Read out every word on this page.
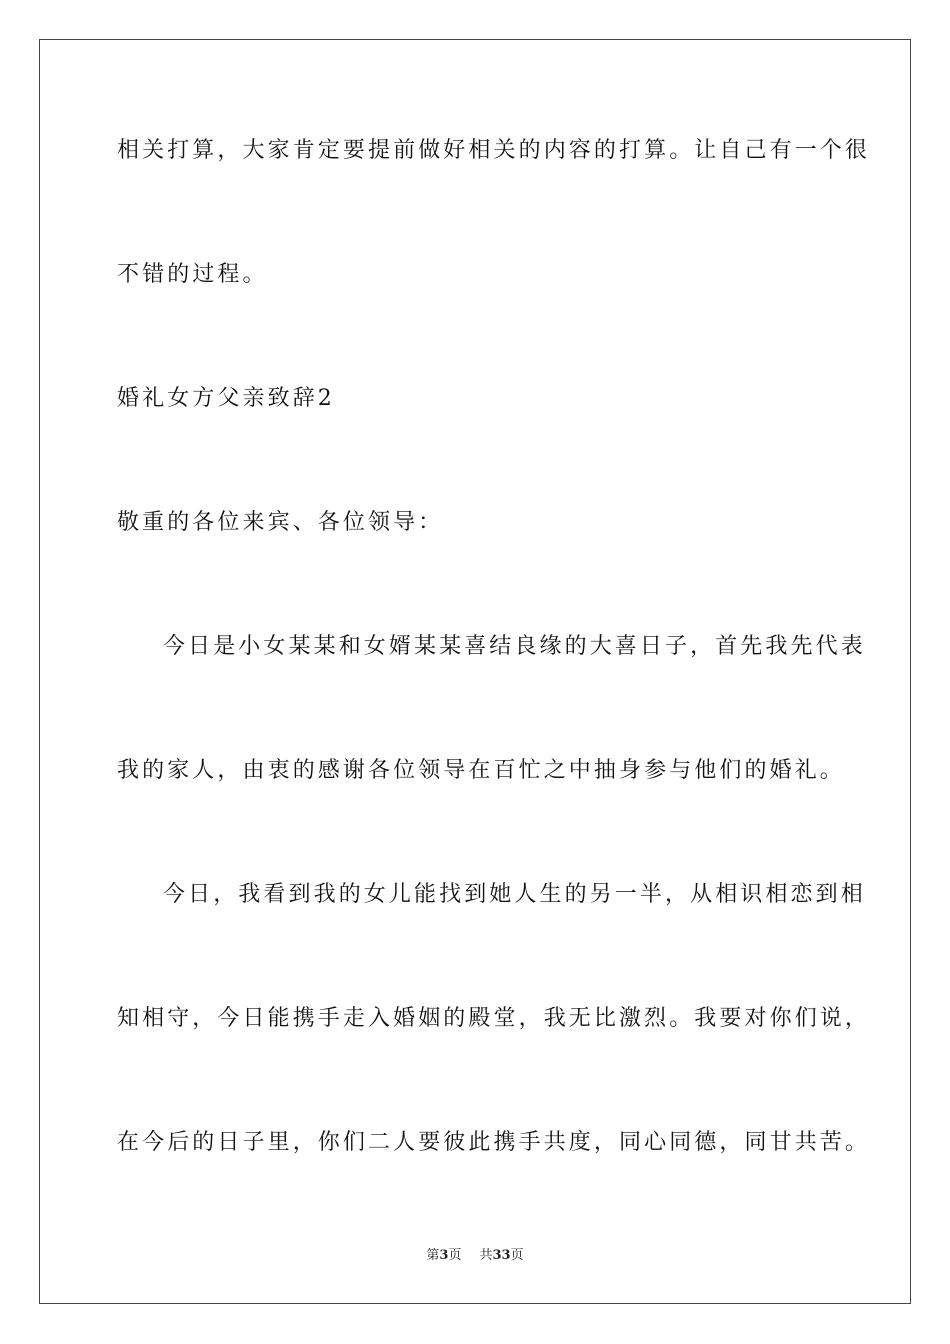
相关打算，大家肯定要提前做好相关的内容的打算。让自己有一个很

不错的过程。

婚礼女方父亲致辞2

敬重的各位来宾、各位领导：

今日是小女某某和女婿某某喜结良缘的大喜日子，首先我先代表

我的家人，由衷的感谢各位领导在百忙之中抽身参与他们的婚礼。

今日，我看到我的女儿能找到她人生的另一半，从相识相恋到相

知相守，今日能携手走入婚姻的殿堂，我无比激烈。我要对你们说，

在今后的日子里，你们二人要彼此携手共度，同心同德，同甘共苦。

第3页 共33页
